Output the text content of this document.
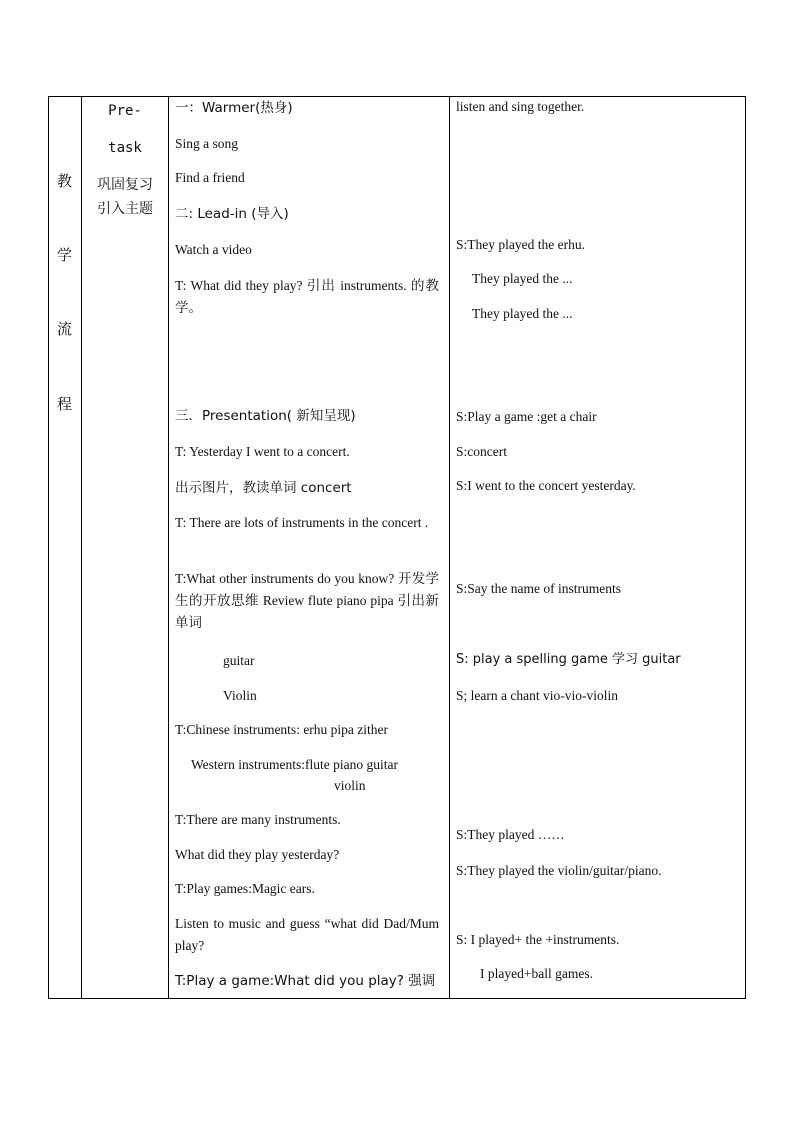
教
学
流
程
Pre-
task
巩固复习
引入主题
一：Warmer(热身)
Sing a song
Find a friend
二: Lead-in (导入)
Watch a video
T: What did they play? 引出 instruments. 的教学。
三．Presentation( 新知呈现)
T: Yesterday I went to a concert.
出示图片，教读单词 concert
T: There are lots of instruments in the concert .
T:What other instruments do you know? 开发学生的开放思维 Review flute piano pipa 引出新单词
guitar
Violin
T:Chinese instruments: erhu pipa zither
Western instruments:flute piano guitar
violin
T:There are many instruments.
What did they play yesterday?
T:Play games:Magic ears.
Listen to music and guess “what did Dad/Mum play?
T:Play a game:What did you play? 强调
listen and sing together.
S:They played the erhu.
They played the ...
They played the ...
S:Play a game :get a chair
S:concert
S:I went to the concert yesterday.
S:Say the name of instruments
S: play a spelling game 学习 guitar
S; learn a chant vio-vio-violin
S:They played ……
S:They played the violin/guitar/piano.
S: I played+ the +instruments.
I played+ball games.
